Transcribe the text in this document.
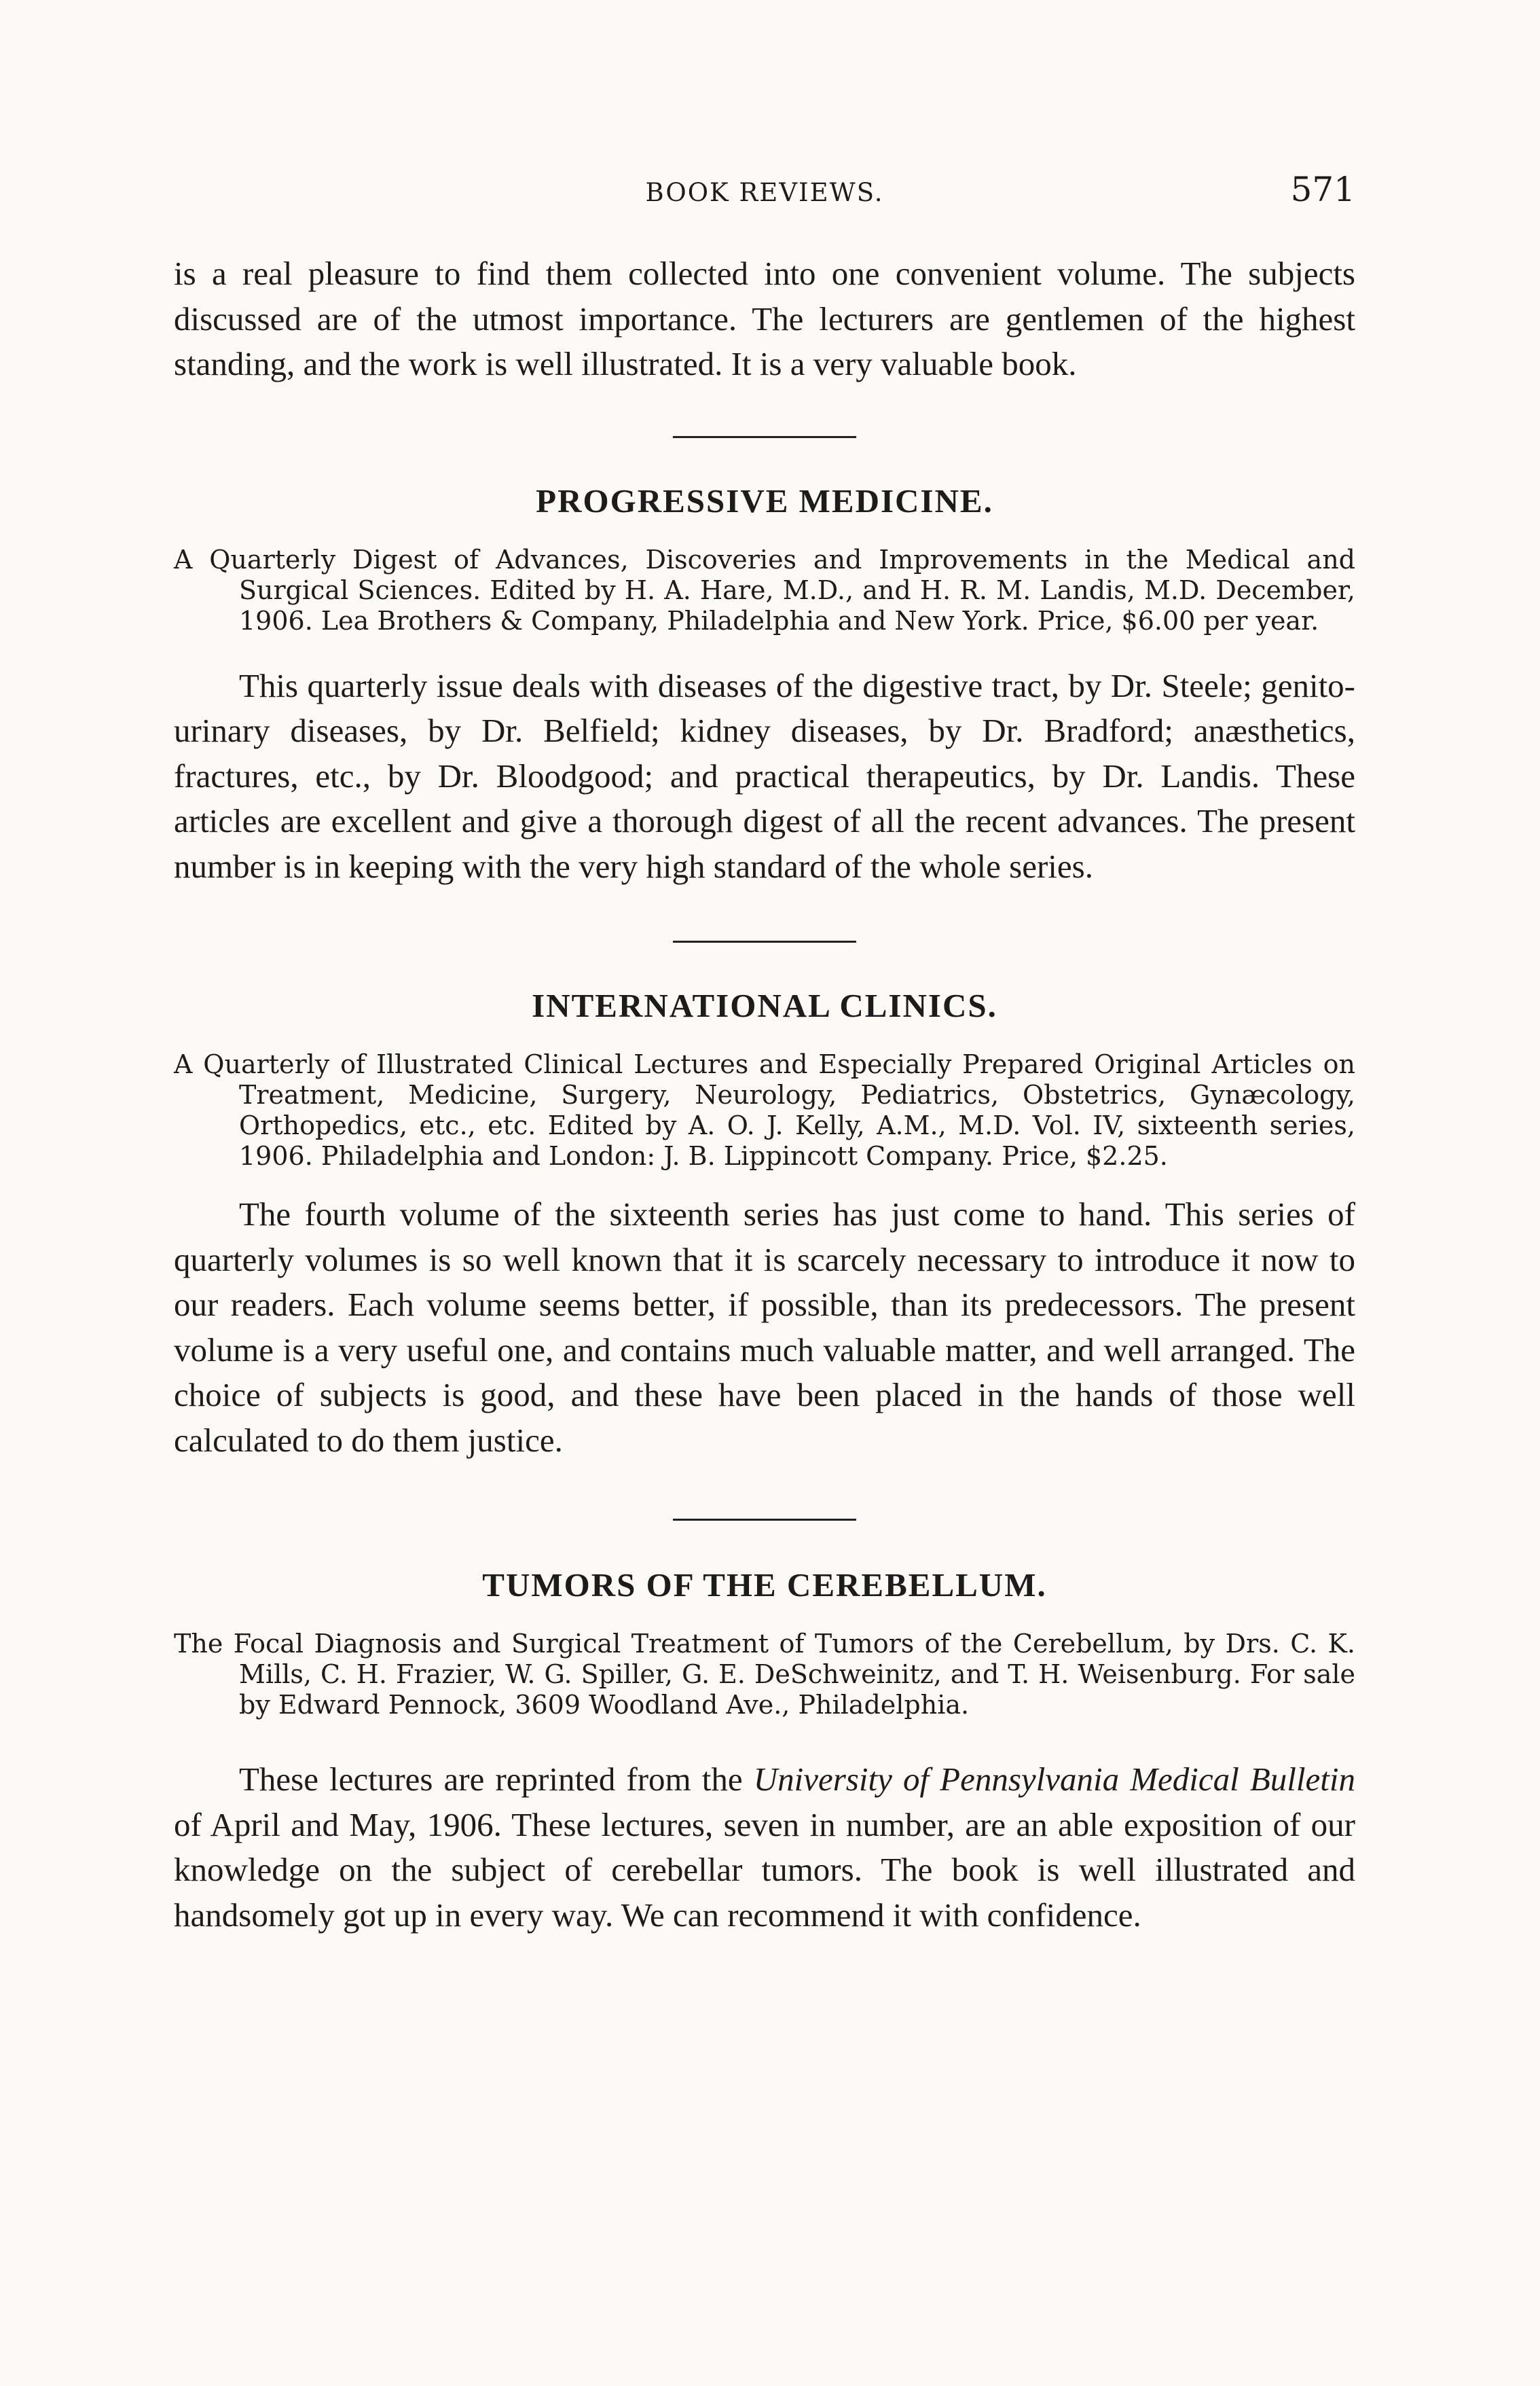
BOOK REVIEWS.	571

is a real pleasure to find them collected into one convenient volume. The subjects discussed are of the utmost importance. The lecturers are gentlemen of the highest standing, and the work is well illustrated. It is a very valuable book.

PROGRESSIVE MEDICINE.

A Quarterly Digest of Advances, Discoveries and Improvements in the Medical and Surgical Sciences. Edited by H. A. Hare, M.D., and H. R. M. Landis, M.D. December, 1906. Lea Brothers & Company, Philadelphia and New York. Price, $6.00 per year.

This quarterly issue deals with diseases of the digestive tract, by Dr. Steele; genito-urinary diseases, by Dr. Belfield; kidney diseases, by Dr. Bradford; anæsthetics, fractures, etc., by Dr. Bloodgood; and practical therapeutics, by Dr. Landis. These articles are excellent and give a thorough digest of all the recent advances. The present number is in keeping with the very high standard of the whole series.

INTERNATIONAL CLINICS.

A Quarterly of Illustrated Clinical Lectures and Especially Prepared Original Articles on Treatment, Medicine, Surgery, Neurology, Pediatrics, Obstetrics, Gynæcology, Orthopedics, etc., etc. Edited by A. O. J. Kelly, A.M., M.D. Vol. IV, sixteenth series, 1906. Philadelphia and London: J. B. Lippincott Company. Price, $2.25.

The fourth volume of the sixteenth series has just come to hand. This series of quarterly volumes is so well known that it is scarcely necessary to introduce it now to our readers. Each volume seems better, if possible, than its predecessors. The present volume is a very useful one, and contains much valuable matter, and well arranged. The choice of subjects is good, and these have been placed in the hands of those well calculated to do them justice.

TUMORS OF THE CEREBELLUM.

The Focal Diagnosis and Surgical Treatment of Tumors of the Cerebellum, by Drs. C. K. Mills, C. H. Frazier, W. G. Spiller, G. E. DeSchweinitz, and T. H. Weisenburg. For sale by Edward Pennock, 3609 Woodland Ave., Philadelphia.

These lectures are reprinted from the University of Pennsylvania Medical Bulletin of April and May, 1906. These lectures, seven in number, are an able exposition of our knowledge on the subject of cerebellar tumors. The book is well illustrated and handsomely got up in every way. We can recommend it with confidence.
